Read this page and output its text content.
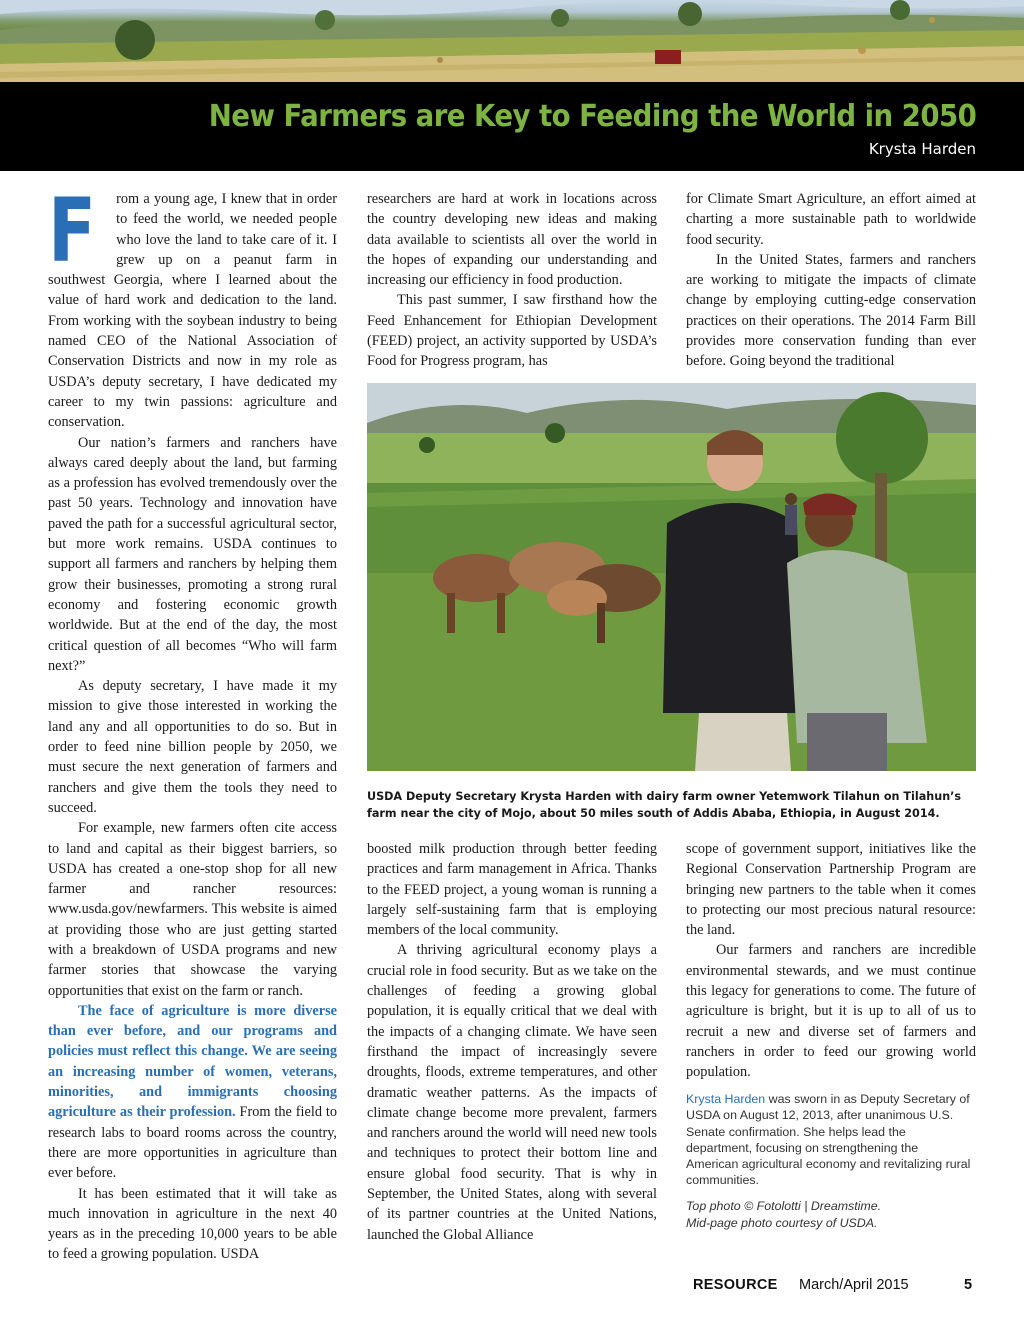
New Farmers are Key to Feeding the World in 2050
Krysta Harden

F rom a young age, I knew that in order to feed the world, we needed people who love the land to take care of it. I grew up on a peanut farm in southwest Georgia, where I learned about the value of hard work and dedication to the land. From working with the soybean industry to being named CEO of the National Association of Conservation Districts and now in my role as USDA’s deputy secretary, I have dedicated my career to my twin passions: agriculture and conservation.

Our nation’s farmers and ranchers have always cared deeply about the land, but farming as a profession has evolved tremendously over the past 50 years. Technology and innovation have paved the path for a successful agricultural sector, but more work remains. USDA continues to support all farmers and ranchers by helping them grow their businesses, promoting a strong rural economy and fostering economic growth worldwide. But at the end of the day, the most critical question of all becomes “Who will farm next?”

As deputy secretary, I have made it my mission to give those interested in working the land any and all opportunities to do so. But in order to feed nine billion people by 2050, we must secure the next generation of farmers and ranchers and give them the tools they need to succeed.

For example, new farmers often cite access to land and capital as their biggest barriers, so USDA has created a one-stop shop for all new farmer and rancher resources: www.usda.gov/newfarmers. This website is aimed at providing those who are just getting started with a breakdown of USDA programs and new farmer stories that showcase the varying opportunities that exist on the farm or ranch.

The face of agriculture is more diverse than ever before, and our programs and policies must reflect this change. We are seeing an increasing number of women, veterans, minorities, and immigrants choosing agriculture as their profession. From the field to research labs to board rooms across the country, there are more opportunities in agriculture than ever before.

It has been estimated that it will take as much innovation in agriculture in the next 40 years as in the preceding 10,000 years to be able to feed a growing population. USDA

researchers are hard at work in locations across the country developing new ideas and making data available to scientists all over the world in the hopes of expanding our understanding and increasing our efficiency in food production.

This past summer, I saw firsthand how the Feed Enhancement for Ethiopian Development (FEED) project, an activity supported by USDA’s Food for Progress program, has

for Climate Smart Agriculture, an effort aimed at charting a more sustainable path to worldwide food security.

In the United States, farmers and ranchers are working to mitigate the impacts of climate change by employing cutting-edge conservation practices on their operations. The 2014 Farm Bill provides more conservation funding than ever before. Going beyond the traditional

USDA Deputy Secretary Krysta Harden with dairy farm owner Yetemwork Tilahun on Tilahun’s farm near the city of Mojo, about 50 miles south of Addis Ababa, Ethiopia, in August 2014.

boosted milk production through better feeding practices and farm management in Africa. Thanks to the FEED project, a young woman is running a largely self-sustaining farm that is employing members of the local community.

A thriving agricultural economy plays a crucial role in food security. But as we take on the challenges of feeding a growing global population, it is equally critical that we deal with the impacts of a changing climate. We have seen firsthand the impact of increasingly severe droughts, floods, extreme temperatures, and other dramatic weather patterns. As the impacts of climate change become more prevalent, farmers and ranchers around the world will need new tools and techniques to protect their bottom line and ensure global food security. That is why in September, the United States, along with several of its partner countries at the United Nations, launched the Global Alliance

scope of government support, initiatives like the Regional Conservation Partnership Program are bringing new partners to the table when it comes to protecting our most precious natural resource: the land.

Our farmers and ranchers are incredible environmental stewards, and we must continue this legacy for generations to come. The future of agriculture is bright, but it is up to all of us to recruit a new and diverse set of farmers and ranchers in order to feed our growing world population.

Krysta Harden was sworn in as Deputy Secretary of USDA on August 12, 2013, after unanimous U.S. Senate confirmation. She helps lead the department, focusing on strengthening the American agricultural economy and revitalizing rural communities.
Top photo © Fotolotti | Dreamstime.
Mid-page photo courtesy of USDA.
RESOURCE March/April 2015	5
